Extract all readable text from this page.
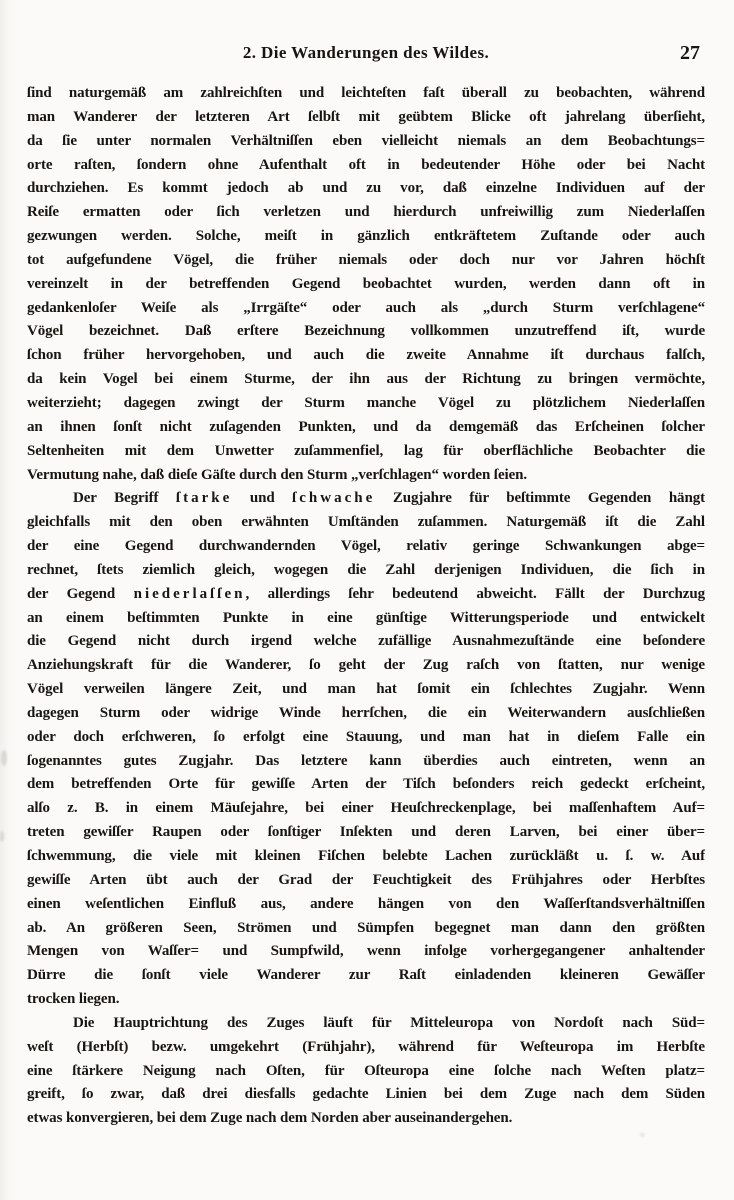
2. Die Wanderungen des Wildes.	27
ſind naturgemäß am zahlreichſten und leichteſten faſt überall zu beobachten, während
man Wanderer der letzteren Art ſelbſt mit geübtem Blicke oft jahrelang überſieht,
da ſie unter normalen Verhältniſſen eben vielleicht niemals an dem Beobachtungs=
orte raſten, ſondern ohne Aufenthalt oft in bedeutender Höhe oder bei Nacht
durchziehen. Es kommt jedoch ab und zu vor, daß einzelne Individuen auf der
Reiſe ermatten oder ſich verletzen und hierdurch unfreiwillig zum Niederlaſſen
gezwungen werden. Solche, meiſt in gänzlich entkräftetem Zuſtande oder auch
tot aufgefundene Vögel, die früher niemals oder doch nur vor Jahren höchſt
vereinzelt in der betreffenden Gegend beobachtet wurden, werden dann oft in
gedankenloſer Weiſe als „Irrgäſte“ oder auch als „durch Sturm verſchlagene“
Vögel bezeichnet. Daß erſtere Bezeichnung vollkommen unzutreffend iſt, wurde
ſchon früher hervorgehoben, und auch die zweite Annahme iſt durchaus falſch,
da kein Vogel bei einem Sturme, der ihn aus der Richtung zu bringen vermöchte,
weiterzieht; dagegen zwingt der Sturm manche Vögel zu plötzlichem Niederlaſſen
an ihnen ſonſt nicht zuſagenden Punkten, und da demgemäß das Erſcheinen ſolcher
Seltenheiten mit dem Unwetter zuſammenfiel, lag für oberflächliche Beobachter die
Vermutung nahe, daß dieſe Gäſte durch den Sturm „verſchlagen“ worden ſeien.
Der Begriff ſtarke und ſchwache Zugjahre für beſtimmte Gegenden hängt
gleichfalls mit den oben erwähnten Umſtänden zuſammen. Naturgemäß iſt die Zahl
der eine Gegend durchwandernden Vögel, relativ geringe Schwankungen abge=
rechnet, ſtets ziemlich gleich, wogegen die Zahl derjenigen Individuen, die ſich in
der Gegend niederlaſſen, allerdings ſehr bedeutend abweicht. Fällt der Durchzug
an einem beſtimmten Punkte in eine günſtige Witterungsperiode und entwickelt
die Gegend nicht durch irgend welche zufällige Ausnahmezuſtände eine beſondere
Anziehungskraft für die Wanderer, ſo geht der Zug raſch von ſtatten, nur wenige
Vögel verweilen längere Zeit, und man hat ſomit ein ſchlechtes Zugjahr. Wenn
dagegen Sturm oder widrige Winde herrſchen, die ein Weiterwandern ausſchließen
oder doch erſchweren, ſo erfolgt eine Stauung, und man hat in dieſem Falle ein
ſogenanntes gutes Zugjahr. Das letztere kann überdies auch eintreten, wenn an
dem betreffenden Orte für gewiſſe Arten der Tiſch beſonders reich gedeckt erſcheint,
alſo z. B. in einem Mäuſejahre, bei einer Heuſchreckenplage, bei maſſenhaftem Auf=
treten gewiſſer Raupen oder ſonſtiger Inſekten und deren Larven, bei einer über=
ſchwemmung, die viele mit kleinen Fiſchen belebte Lachen zurückläßt u. ſ. w. Auf
gewiſſe Arten übt auch der Grad der Feuchtigkeit des Frühjahres oder Herbſtes
einen weſentlichen Einfluß aus, andere hängen von den Waſſerſtandsverhältniſſen
ab. An größeren Seen, Strömen und Sümpfen begegnet man dann den größten
Mengen von Waſſer= und Sumpfwild, wenn infolge vorhergegangener anhaltender
Dürre die ſonſt viele Wanderer zur Raſt einladenden kleineren Gewäſſer
trocken liegen.
Die Hauptrichtung des Zuges läuft für Mitteleuropa von Nordoſt nach Süd=
weſt (Herbſt) bezw. umgekehrt (Frühjahr), während für Weſteuropa im Herbſte
eine ſtärkere Neigung nach Oſten, für Oſteuropa eine ſolche nach Weſten platz=
greift, ſo zwar, daß drei diesfalls gedachte Linien bei dem Zuge nach dem Süden
etwas konvergieren, bei dem Zuge nach dem Norden aber auseinandergehen.
